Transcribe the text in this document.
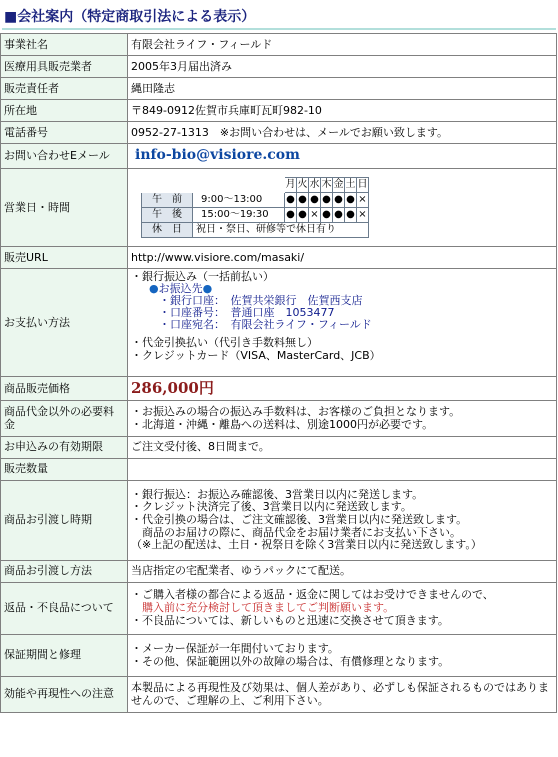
■会社案内（特定商取引法による表示）
事業社名	有限会社ライフ・フィールド
医療用具販売業者	2005年3月届出済み
販売責任者	縄田隆志
所在地	〒849-0912佐賀市兵庫町瓦町982-10
電話番号	0952-27-1313　※お問い合わせは、メールでお願い致します。
お問い合わせEメール	info-bio@visiore.com
営業日・時間	
	月	火	水	木	金	土	日
午　前	9:00～13:00	●	●	●	●	●	●	×
午　後	15:00～19:30	●	●	×	●	●	●	×
休　日	祝日・祭日、研修等で休日有り

販売URL	http://www.visiore.com/masaki/
お支払い方法	
・銀行振込み（一括前払い）
●お振込先●
・銀行口座：　佐賀共栄銀行　佐賀西支店
・口座番号：　普通口座　1053477
・口座宛名：　有限会社ライフ・フィールド
・代金引換払い（代引き手数料無し）
・クレジットカード（VISA、MasterCard、JCB）

商品販売価格	286,000円
商品代金以外の必要料金	
・お振込みの場合の振込み手数料は、お客様のご負担となります。
・北海道・沖縄・離島への送料は、別途1000円が必要です。

お申込みの有効期限	ご注文受付後、8日間まで。
販売数量	
商品お引渡し時期	
・銀行振込：お振込み確認後、3営業日以内に発送します。
・クレジット決済完了後、3営業日以内に発送致します。
・代金引換の場合は、ご注文確認後、3営業日以内に発送致します。
　商品のお届けの際に、商品代金をお届け業者にお支払い下さい。
（※上記の配送は、土日・祝祭日を除く3営業日以内に発送致します。）

商品お引渡し方法	当店指定の宅配業者、ゆうパックにて配送。
返品・不良品について	
・ご購入者様の都合による返品・返金に関してはお受けできませんので、
　購入前に充分検討して頂きましてご判断願います。
・不良品については、新しいものと迅速に交換させて頂きます。

保証期間と修理	
・メーカー保証が一年間付いております。
・その他、保証範囲以外の故障の場合は、有償修理となります。

効能や再現性への注意	本製品による再現性及び効果は、個人差があり、必ずしも保証されるものではありませんので、ご理解の上、ご利用下さい。
